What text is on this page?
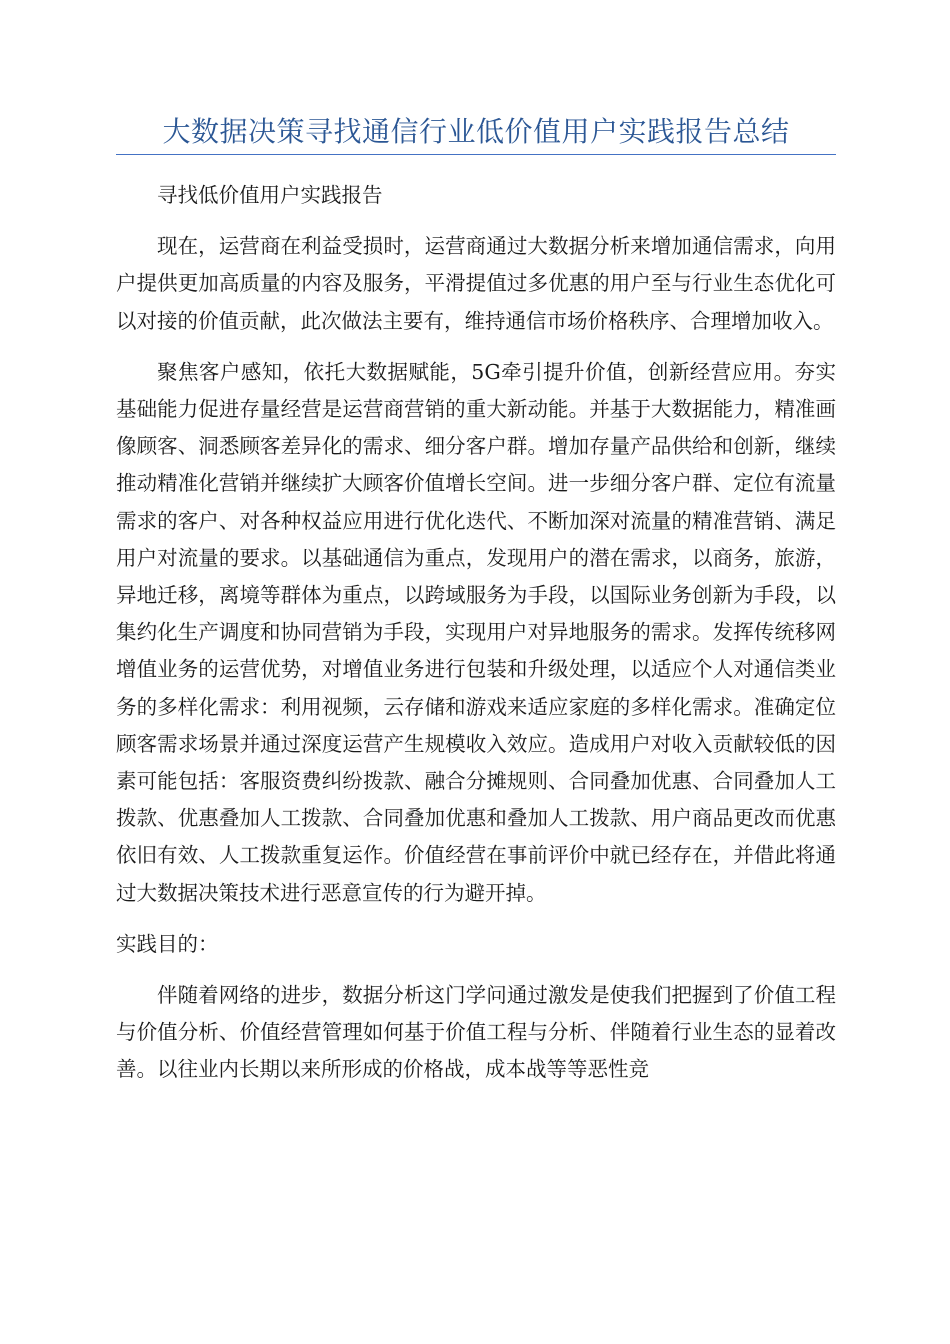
大数据决策寻找通信行业低价值用户实践报告总结

寻找低价值用户实践报告

现在，运营商在利益受损时，运营商通过大数据分析来增加通信需求，向用户提供更加高质量的内容及服务，平滑提值过多优惠的用户至与行业生态优化可以对接的价值贡献，此次做法主要有，维持通信市场价格秩序、合理增加收入。

聚焦客户感知，依托大数据赋能，5G牵引提升价值，创新经营应用。夯实基础能力促进存量经营是运营商营销的重大新动能。并基于大数据能力，精准画像顾客、洞悉顾客差异化的需求、细分客户群。增加存量产品供给和创新，继续推动精准化营销并继续扩大顾客价值增长空间。进一步细分客户群、定位有流量需求的客户、对各种权益应用进行优化迭代、不断加深对流量的精准营销、满足用户对流量的要求。以基础通信为重点，发现用户的潜在需求，以商务，旅游，异地迁移，离境等群体为重点，以跨域服务为手段，以国际业务创新为手段，以集约化生产调度和协同营销为手段，实现用户对异地服务的需求。发挥传统移网增值业务的运营优势，对增值业务进行包装和升级处理，以适应个人对通信类业务的多样化需求：利用视频，云存储和游戏来适应家庭的多样化需求。准确定位顾客需求场景并通过深度运营产生规模收入效应。造成用户对收入贡献较低的因素可能包括：客服资费纠纷拨款、融合分摊规则、合同叠加优惠、合同叠加人工拨款、优惠叠加人工拨款、合同叠加优惠和叠加人工拨款、用户商品更改而优惠依旧有效、人工拨款重复运作。价值经营在事前评价中就已经存在，并借此将通过大数据决策技术进行恶意宣传的行为避开掉。

实践目的：

伴随着网络的进步，数据分析这门学问通过激发是使我们把握到了价值工程与价值分析、价值经营管理如何基于价值工程与分析、伴随着行业生态的显着改善。以往业内长期以来所形成的价格战，成本战等等恶性竞
